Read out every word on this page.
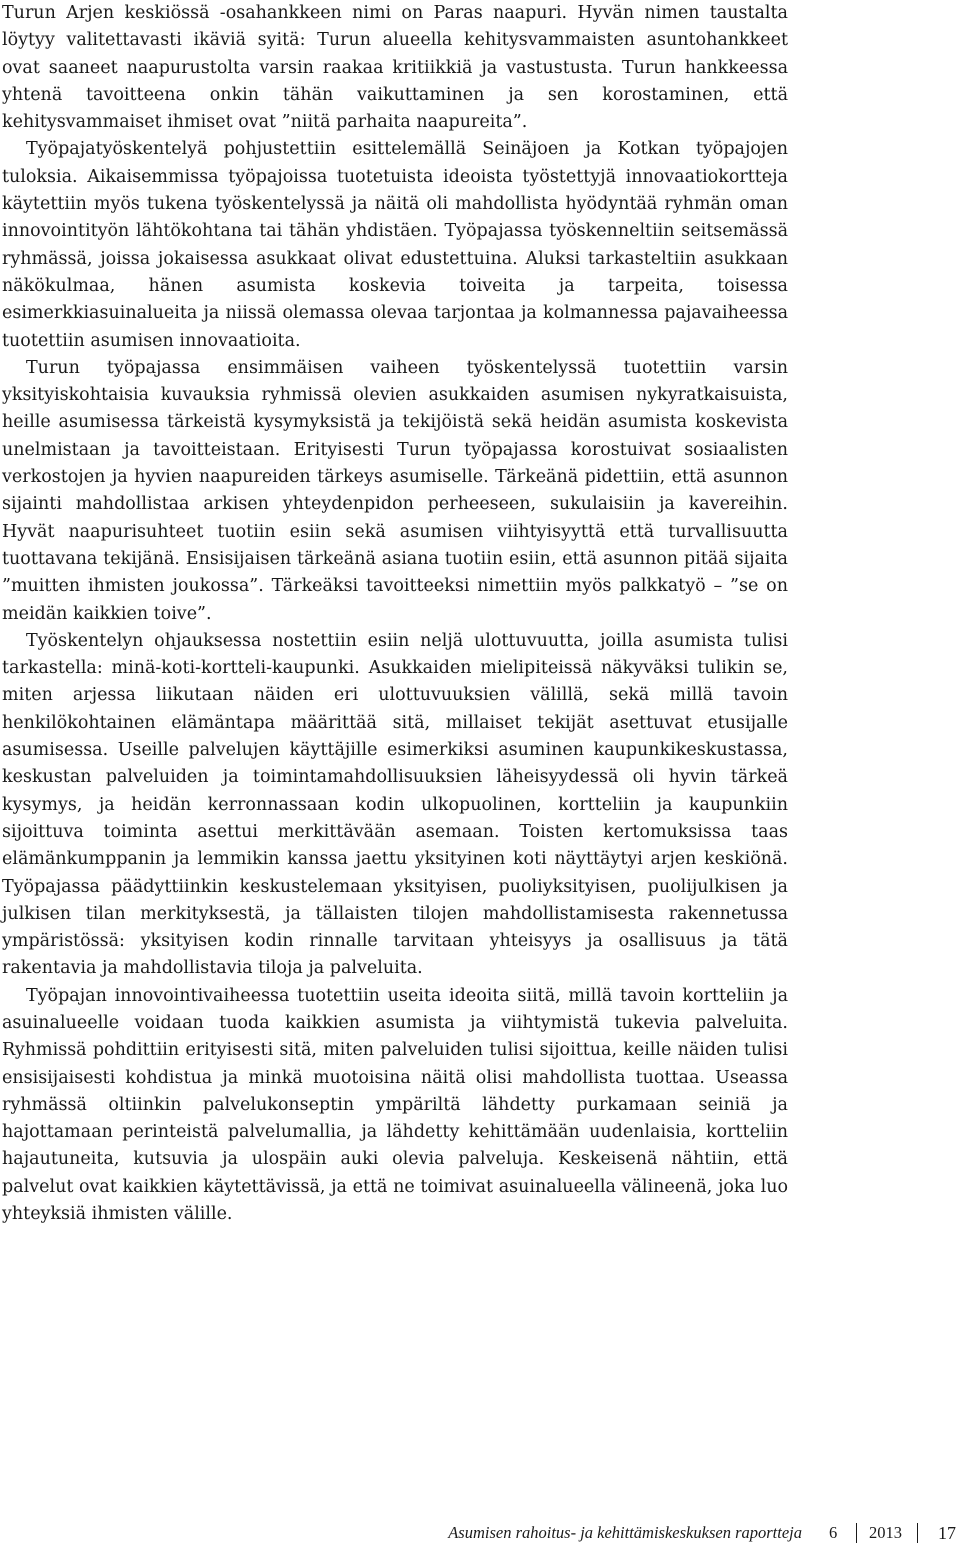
Turun Arjen keskiössä -osahankkeen nimi on Paras naapuri. Hyvän nimen taustalta löytyy valitettavasti ikäviä syitä: Turun alueella kehitysvammaisten asuntohankkeet ovat saaneet naapurustolta varsin raakaa kritiikkiä ja vastustusta. Turun hankkeessa yhtenä tavoitteena onkin tähän vaikuttaminen ja sen korostaminen, että kehitysvammaiset ihmiset ovat ”niitä parhaita naapureita”.

Työpajatyöskentelyä pohjustettiin esittelemällä Seinäjoen ja Kotkan työpajojen tuloksia. Aikaisemmissa työpajoissa tuotetuista ideoista työstettyjä innovaatiokortteja käytettiin myös tukena työskentelyssä ja näitä oli mahdollista hyödyntää ryhmän oman innovointityön lähtökohtana tai tähän yhdistäen. Työpajassa työskenneltiin seitsemässä ryhmässä, joissa jokaisessa asukkaat olivat edustettuina. Aluksi tarkasteltiin asukkaan näkökulmaa, hänen asumista koskevia toiveita ja tarpeita, toisessa esimerkkiasuinalueita ja niissä olemassa olevaa tarjontaa ja kolmannessa pajavaiheessa tuotettiin asumisen innovaatioita.

Turun työpajassa ensimmäisen vaiheen työskentelyssä tuotettiin varsin yksityiskohtaisia kuvauksia ryhmissä olevien asukkaiden asumisen nykyratkaisuista, heille asumisessa tärkeistä kysymyksistä ja tekijöistä sekä heidän asumista koskevista unelmistaan ja tavoitteistaan. Erityisesti Turun työpajassa korostuivat sosiaalisten verkostojen ja hyvien naapureiden tärkeys asumiselle. Tärkeänä pidettiin, että asunnon sijainti mahdollistaa arkisen yhteydenpidon perheeseen, sukulaisiin ja kavereihin. Hyvät naapurisuhteet tuotiin esiin sekä asumisen viihtyisyyttä että turvallisuutta tuottavana tekijänä. Ensisijaisen tärkeänä asiana tuotiin esiin, että asunnon pitää sijaita ”muitten ihmisten joukossa”. Tärkeäksi tavoitteeksi nimettiin myös palkkatyö – ”se on meidän kaikkien toive”.

Työskentelyn ohjauksessa nostettiin esiin neljä ulottuvuutta, joilla asumista tulisi tarkastella: minä-koti-kortteli-kaupunki. Asukkaiden mielipiteissä näkyväksi tulikin se, miten arjessa liikutaan näiden eri ulottuvuuksien välillä, sekä millä tavoin henkilökohtainen elämäntapa määrittää sitä, millaiset tekijät asettuvat etusijalle asumisessa. Useille palvelujen käyttäjille esimerkiksi asuminen kaupunkikeskustassa, keskustan palveluiden ja toimintamahdollisuuksien läheisyydessä oli hyvin tärkeä kysymys, ja heidän kerronnassaan kodin ulkopuolinen, kortteliin ja kaupunkiin sijoittuva toiminta asettui merkittävään asemaan. Toisten kertomuksissa taas elämänkumppanin ja lemmikin kanssa jaettu yksityinen koti näyttäytyi arjen keskiönä. Työpajassa päädyttiinkin keskustelemaan yksityisen, puoliyksityisen, puolijulkisen ja julkisen tilan merkityksestä, ja tällaisten tilojen mahdollistamisesta rakennetussa ympäristössä: yksityisen kodin rinnalle tarvitaan yhteisyys ja osallisuus ja tätä rakentavia ja mahdollistavia tiloja ja palveluita.

Työpajan innovointivaiheessa tuotettiin useita ideoita siitä, millä tavoin kortteliin ja asuinalueelle voidaan tuoda kaikkien asumista ja viihtymistä tukevia palveluita. Ryhmissä pohdittiin erityisesti sitä, miten palveluiden tulisi sijoittua, keille näiden tulisi ensisijaisesti kohdistua ja minkä muotoisina näitä olisi mahdollista tuottaa. Useassa ryhmässä oltiinkin palvelukonseptin ympäriltä lähdetty purkamaan seiniä ja hajottamaan perinteistä palvelumallia, ja lähdetty kehittämään uudenlaisia, kortteliin hajautuneita, kutsuvia ja ulospäin auki olevia palveluja. Keskeisenä nähtiin, että palvelut ovat kaikkien käytettävissä, ja että ne toimivat asuinalueella välineenä, joka luo yhteyksiä ihmisten välille.

Asumisen rahoitus- ja kehittämiskeskuksen raportteja 6 2013 17
